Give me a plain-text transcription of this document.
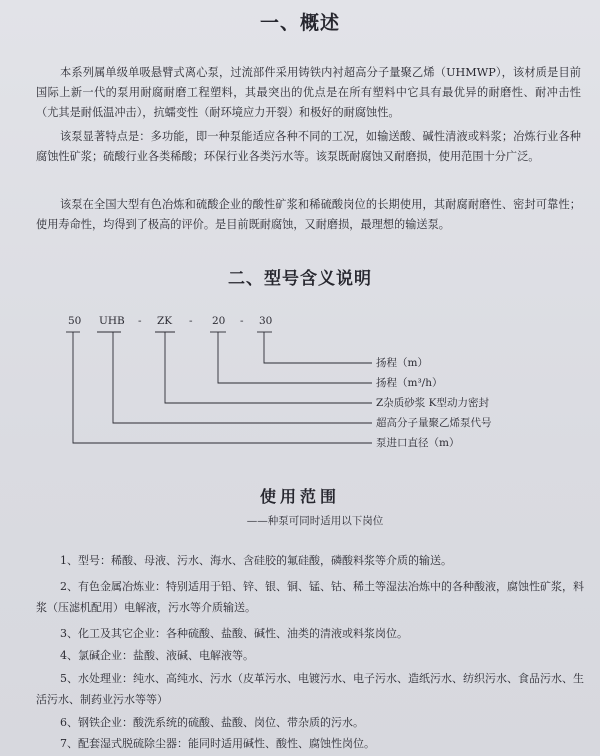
一、概述

本系列属单级单吸悬臂式离心泵，过流部件采用铸铁内衬超高分子量聚乙烯（UHMWP），该材质是目前国际上新一代的泵用耐腐耐磨工程塑料，其最突出的优点是在所有塑料中它具有最优异的耐磨性、耐冲击性（尤其是耐低温冲击），抗蠕变性（耐环境应力开裂）和极好的耐腐蚀性。

该泵显著特点是：多功能，即一种泵能适应各种不同的工况，如输送酸、碱性清液或料浆；冶炼行业各种腐蚀性矿浆；硫酸行业各类稀酸；环保行业各类污水等。该泵既耐腐蚀又耐磨损，使用范围十分广泛。

该泵在全国大型有色冶炼和硫酸企业的酸性矿浆和稀硫酸岗位的长期使用，其耐腐耐磨性、密封可靠性；使用寿命性，均得到了极高的评价。是目前既耐腐蚀，又耐磨损，最理想的输送泵。

二、型号含义说明
50 UHB - ZK - 20 - 30
扬程（m）
扬程（m³/h）
Z杂质砂浆 K型动力密封
超高分子量聚乙烯泵代号
泵进口直径（m）
使用范围
——种泵可同时适用以下岗位

1、型号：稀酸、母液、污水、海水、含硅胶的氟硅酸，磷酸料浆等介质的输送。

2、有色金属冶炼业：特别适用于铅、锌、银、铜、锰、钴、稀土等湿法冶炼中的各种酸液，腐蚀性矿浆，料浆（压滤机配用）电解液，污水等介质输送。

3、化工及其它企业：各种硫酸、盐酸、碱性、油类的清液或料浆岗位。

4、氯碱企业：盐酸、液碱、电解液等。

5、水处理业：纯水、高纯水、污水（皮革污水、电镀污水、电子污水、造纸污水、纺织污水、食品污水、生活污水、制药业污水等等）

6、钢铁企业：酸洗系统的硫酸、盐酸、岗位、带杂质的污水。

7、配套湿式脱硫除尘器：能同时适用碱性、酸性、腐蚀性岗位。
